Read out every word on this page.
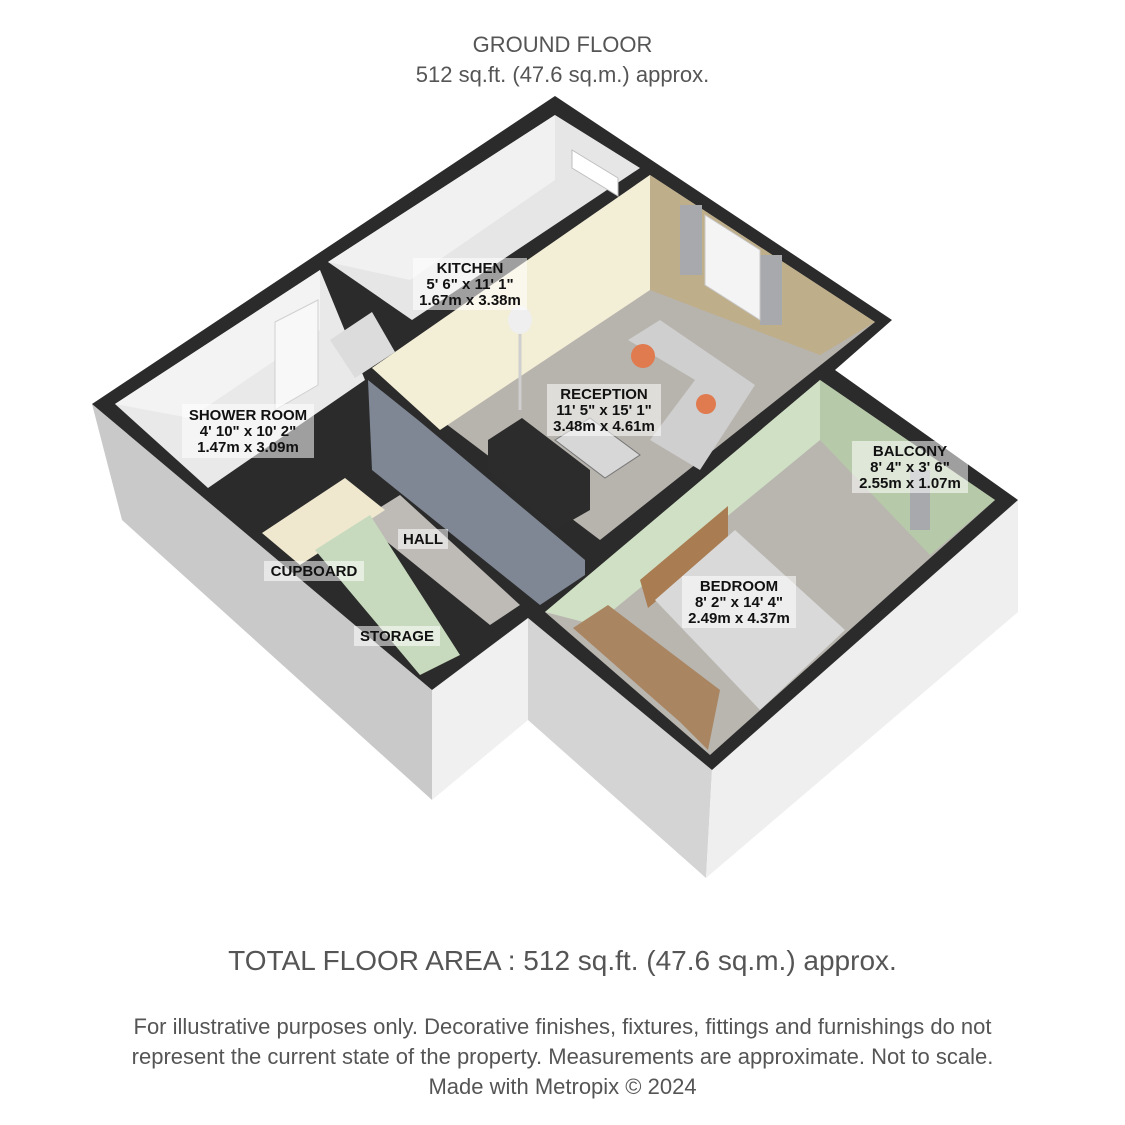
GROUND FLOOR
512 sq.ft. (47.6 sq.m.) approx.
KITCHEN
5' 6" x 11' 1"
1.67m x 3.38m
RECEPTION
11' 5" x 15' 1"
3.48m x 4.61m
SHOWER ROOM
4' 10" x 10' 2"
1.47m x 3.09m	BALCONY
8' 4" x 3' 6"
2.55m x 1.07m
BEDROOM
8' 2" x 14' 4"
2.49m x 4.37m
HALL
CUPBOARD
STORAGE
TOTAL FLOOR AREA : 512 sq.ft. (47.6 sq.m.) approx.
For illustrative purposes only. Decorative finishes, fixtures, fittings and furnishings do not
represent the current state of the property. Measurements are approximate. Not to scale.
Made with Metropix © 2024
